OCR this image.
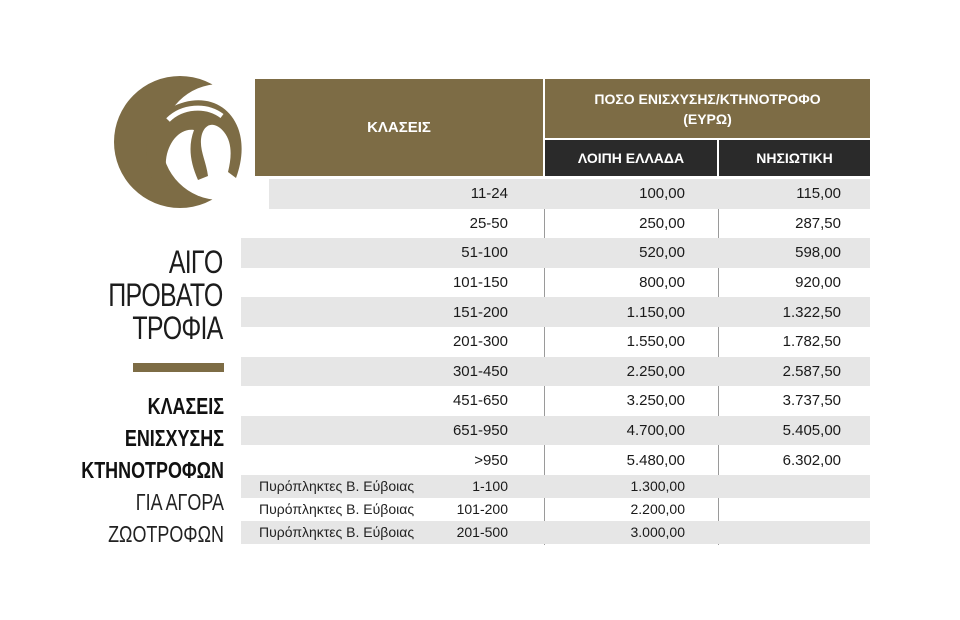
ΑΙΓΟ
ΠΡΟΒΑΤΟ
ΤΡΟΦΙΑ
ΚΛΑΣΕΙΣ
ΕΝΙΣΧΥΣΗΣ
ΚΤΗΝΟΤΡΟΦΩΝ
ΓΙΑ ΑΓΟΡΑ
ΖΩΟΤΡΟΦΩΝ
ΚΛΑΣΕΙΣ
ΠΟΣΟ ΕΝΙΣΧΥΣΗΣ/ΚΤΗΝΟΤΡΟΦΟ
(ΕΥΡΩ)
ΛΟΙΠΗ ΕΛΛΑΔΑ	ΝΗΣΙΩΤΙΚΗ
11-24	100,00	115,00
25-50	250,00	287,50
51-100	520,00	598,00
101-150	800,00	920,00
151-200	1.150,00	1.322,50
201-300	1.550,00	1.782,50
301-450	2.250,00	2.587,50
451-650	3.250,00	3.737,50
651-950	4.700,00	5.405,00
>950	5.480,00	6.302,00
Πυρόπληκτες Β. Εύβοιας	1-100	1.300,00
Πυρόπληκτες Β. Εύβοιας	101-200	2.200,00
Πυρόπληκτες Β. Εύβοιας	201-500	3.000,00
